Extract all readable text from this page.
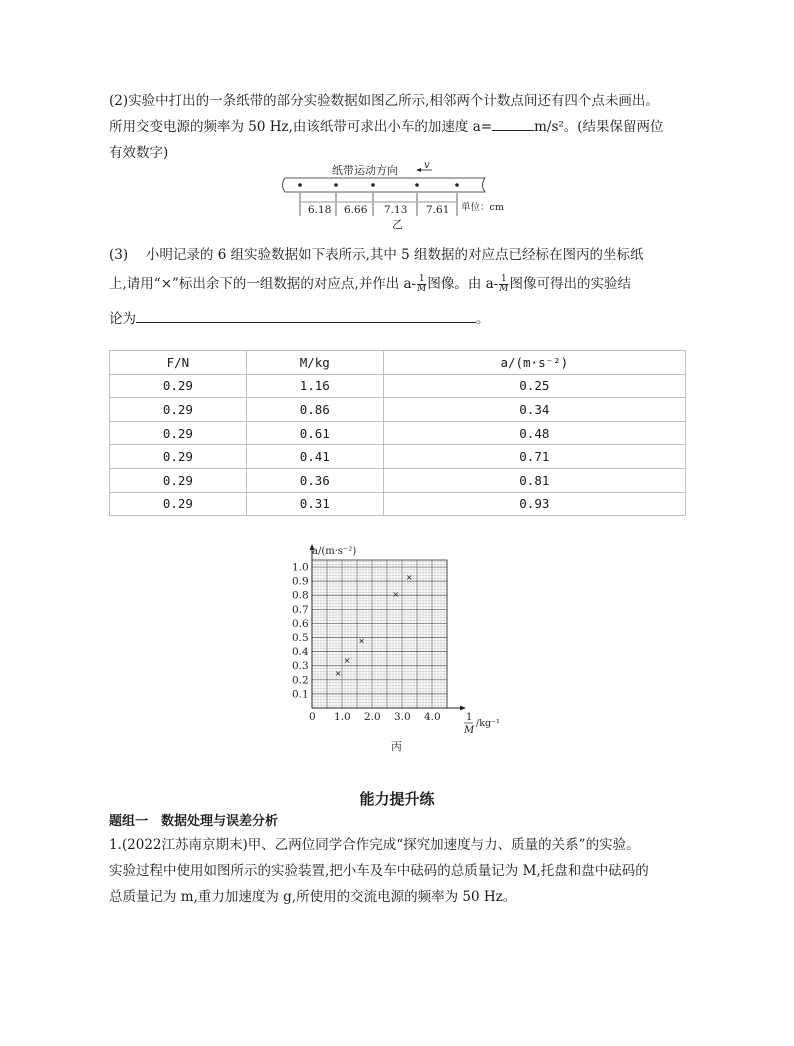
(2)实验中打出的一条纸带的部分实验数据如图乙所示,相邻两个计数点间还有四个点未画出。
所用交变电源的频率为 50 Hz,由该纸带可求出小车的加速度 a=	m/s²。(结果保留两位
有效数字)
纸带运动方向	v
6.18 6.66 7.13 7.61 单位：cm
乙
(3)　 小明记录的 6 组实验数据如下表所示,其中 5 组数据的对应点已经标在图丙的坐标纸
上,请用“×”标出余下的一组数据的对应点,并作出 $a- \frac{1}{M}$ 图像。由 $a- \frac{1}{M}$ 图像可得出的实验结
论为	。
F/N	M/kg	a/(m·s⁻²)
0.29	1.16	0.25
0.29	0.86	0.34
0.29	0.61	0.48
0.29	0.41	0.71
0.29	0.36	0.81
0.29	0.31	0.93
1.0 2.0 3.0 4.0
0.1
0.2
0.3
0.4
0.5
0.6
0.7
0.8
0.9
1.0
×
×
×
×
×
a/(m·s⁻²)
1
M
/kg⁻¹
0
丙
能力提升练
题组一　数据处理与误差分析
1.(2022江苏南京期末)甲、乙两位同学合作完成“探究加速度与力、质量的关系”的实验。
实验过程中使用如图所示的实验装置,把小车及车中砝码的总质量记为 M,托盘和盘中砝码的
总质量记为 m,重力加速度为 g,所使用的交流电源的频率为 50 Hz。
